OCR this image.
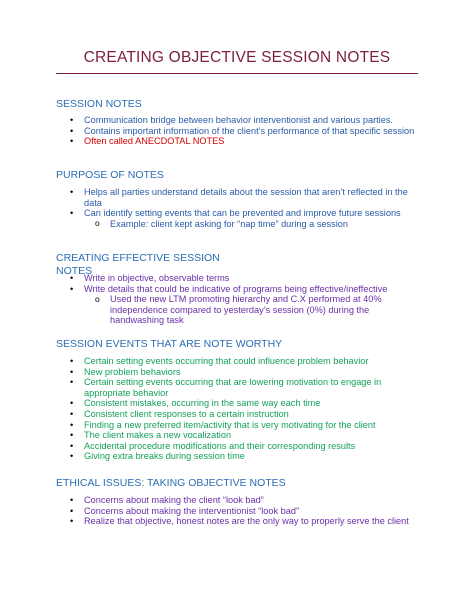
CREATING OBJECTIVE SESSION NOTES
SESSION NOTES
• Communication bridge between behavior interventionist and various parties.
• Contains important information of the client’s performance of that specific session
• Often called ANECDOTAL NOTES
PURPOSE OF NOTES
• Helps all parties understand details about the session that aren’t reflected in the data
• Can identify setting events that can be prevented and improve future sessions
o Example: client kept asking for “nap time” during a session
CREATING EFFECTIVE SESSION
NOTES
• Write in objective, observable terms
• Write details that could be indicative of programs being effective/ineffective
o Used the new LTM promoting hierarchy and C.X performed at 40% independence compared to yesterday’s session (0%) during the handwashing task
SESSION EVENTS THAT ARE NOTE WORTHY
• Certain setting events occurring that could influence problem behavior
• New problem behaviors
• Certain setting events occurring that are lowering motivation to engage in appropriate behavior
• Consistent mistakes, occurring in the same way each time
• Consistent client responses to a certain instruction
• Finding a new preferred item/activity that is very motivating for the client
• The client makes a new vocalization
• Accidental procedure modifications and their corresponding results
• Giving extra breaks during session time
ETHICAL ISSUES: TAKING OBJECTIVE NOTES
• Concerns about making the client “look bad”
• Concerns about making the interventionist “look bad”
• Realize that objective, honest notes are the only way to properly serve the client
